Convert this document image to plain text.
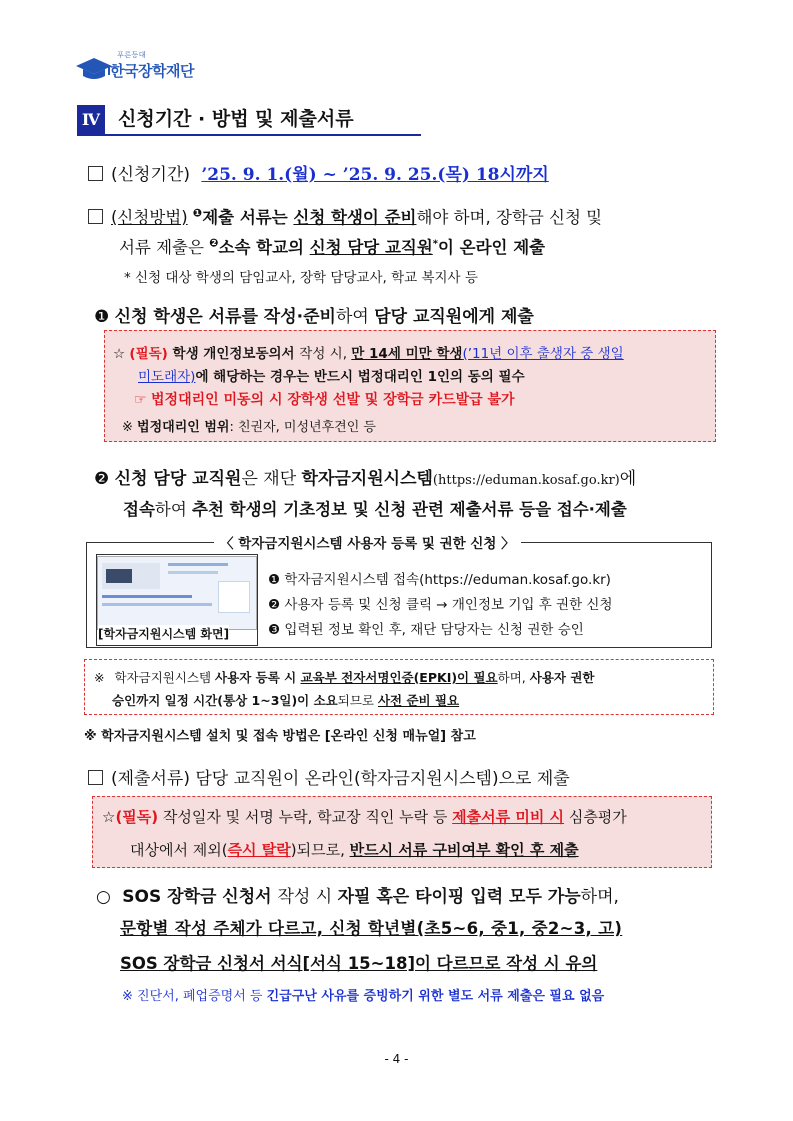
푸른등대
한국장학재단
Ⅳ 신청기간 · 방법 및 제출서류
(신청기간) ’25. 9. 1.(월) ~ ’25. 9. 25.(목) 18시까지
(신청방법) $^❶$제출 서류는 신청 학생이 준비해야 하며, 장학금 신청 및
서류 제출은 $^❷$소속 학교의 신청 담당 교직원*이 온라인 제출
* 신청 대상 학생의 담임교사, 장학 담당교사, 학교 복지사 등
❶ 신청 학생은 서류를 작성·준비하여 담당 교직원에게 제출
☆ (필독) 학생 개인정보동의서 작성 시, 만 14세 미만 학생(’11년 이후 출생자 중 생일
미도래자)에 해당하는 경우는 반드시 법정대리인 1인의 동의 필수
☞ 법정대리인 미동의 시 장학생 선발 및 장학금 카드발급 불가
※ 법정대리인 범위: 친권자, 미성년후견인 등
❷ 신청 담당 교직원은 재단 학자금지원시스템(https://eduman.kosaf.go.kr)에
접속하여 추천 학생의 기초정보 및 신청 관련 제출서류 등을 접수·제출
〈 학자금지원시스템 사용자 등록 및 권한 신청 〉
[학자금지원시스템 화면]
❶ 학자금지원시스템 접속(https://eduman.kosaf.go.kr)
❷ 사용자 등록 및 신청 클릭 → 개인정보 기입 후 권한 신청
❸ 입력된 정보 확인 후, 재단 담당자는 신청 권한 승인
※ 학자금지원시스템 사용자 등록 시 교육부 전자서명인증(EPKI)이 필요하며, 사용자 권한
승인까지 일정 시간(통상 1~3일)이 소요되므로 사전 준비 필요
※ 학자금지원시스템 설치 및 접속 방법은 [온라인 신청 매뉴얼] 참고
(제출서류) 담당 교직원이 온라인(학자금지원시스템)으로 제출
☆(필독) 작성일자 및 서명 누락, 학교장 직인 누락 등 제출서류 미비 시 심층평가
대상에서 제외(즉시 탈락)되므로, 반드시 서류 구비여부 확인 후 제출
○ SOS 장학금 신청서 작성 시 자필 혹은 타이핑 입력 모두 가능하며,
문항별 작성 주체가 다르고, 신청 학년별(초5~6, 중1, 중2~3, 고)
SOS 장학금 신청서 서식[서식 15~18]이 다르므로 작성 시 유의
※ 진단서, 폐업증명서 등 긴급구난 사유를 증빙하기 위한 별도 서류 제출은 필요 없음
- 4 -
